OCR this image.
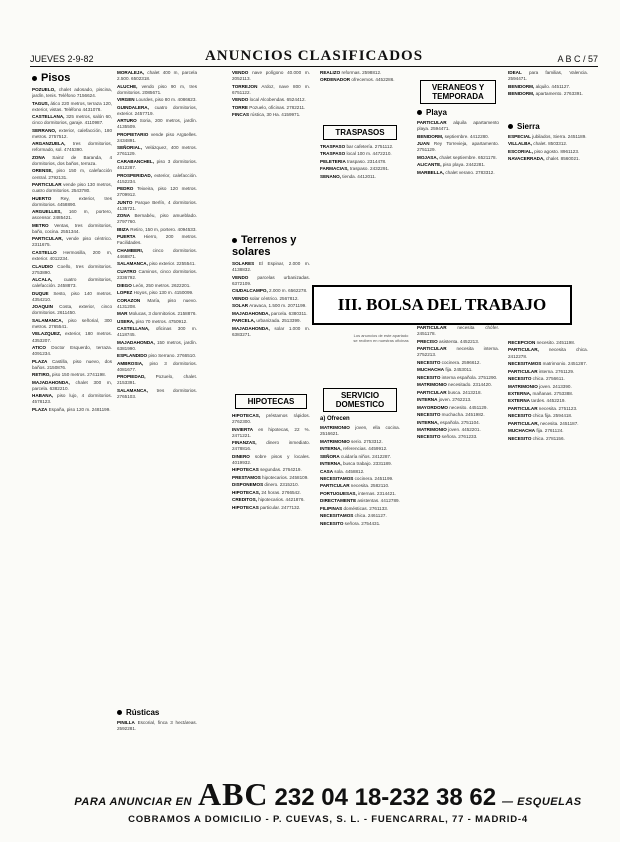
JUEVES 2-9-82	ANUNCIOS CLASIFICADOS	A B C / 57
Pisos

POZUELO, chalet adosado, piscina, jardín, tenis. Teléfono 7156624.

TAGUS, ático 220 metros, terraza 120, exterior, vistas. Teléfono 4431078.

CASTELLANA, 325 metros, salón 60, cinco dormitorios, garaje. 4110987.

SERRANO, exterior, calefacción, 180 metros. 2757512.

ARGANZUELA, tres dormitorios, reformado, sol. 4745390.

ZONA Sainz de Baranda, 4 dormitorios, dos baños, terraza.

ORENSE, piso 150 m, calefacción central. 2792131.

PARTICULAR vende piso 130 metros, cuatro dormitorios. 2543780.

HUERTO Rey, exterior, tres dormitorios. 4458890.

ARGUELLES, 160 m, portero, ascensor. 2485421.

METRO Ventas, tres dormitorios, baño, cocina. 2551344.

PARTICULAR, vende piso céntrico. 2311675.

CASTELLO Hermosilla, 200 m, exterior. 4012234.

CLAUDIO Coello, tres dormitorios. 2753890.

ALCALA, cuatro dormitorios, calefacción. 2458873.

DUQUE Sesto, piso 140 metros. 4354210.

JOAQUIN Costa, exterior, cinco dormitorios. 2611450.

SALAMANCA, piso señorial, 300 metros. 2765541.

VELAZQUEZ, exterior, 180 metros. 4353207.

ATICO Doctor Esquerdo, terraza. 4091234.

PLAZA Castilla, piso nuevo, dos baños. 2150876.

RETIRO, piso 150 metros. 2741198.

MAJADAHONDA, chalet 300 m, parcela. 6382210.

HABANA, piso lujo, 4 dormitorios. 4578123.

PLAZA España, piso 120 m. 2481199.

MORALEJA, chalet 400 m, parcela 2.500. 6502318.

ALUCHE, vendo piso 90 m, tres dormitorios. 2085671.

VIRGEN Lourdes, piso 80 m. 4086623.

GUINDALERA, cuatro dormitorios, exterior. 2457719.

ARTURO Soria, 200 metros, jardín. 4135509.

PROPIETARIO vende piso Argüelles. 2434891.

SEÑORIAL, Velázquez, 400 metros. 2761129.

CARABANCHEL, piso 3 dormitorios. 4612287.

PROSPERIDAD, exterior, calefacción. 4152234.

PEDRO Teixeira, piso 120 metros. 2709912.

JUNTO Parque Berlín, 4 dormitorios. 4135721.

ZONA Bernabéu, piso amueblado. 2797760.

IBIZA Retiro, 150 m, portero. 4094533.

PUERTA Hierro, 200 metros. Facilidades.

CHAMBERI, cinco dormitorios. 4468871.

SALAMANCA, piso exterior. 2255541.

CUATRO Caminos, cinco dormitorios. 2336792.

DIEGO León, 250 metros. 2622201.

LOPEZ Hoyos, piso 130 m. 4150099.

CORAZON María, piso nuevo. 4131208.

MAR Molucas, 3 dormitorios. 2158876.

USERA, piso 70 metros. 4750912.

CASTELLANA, oficinas 300 m. 4118745.

MAJADAHONDA, 150 metros, jardín. 6381990.

ESPLANDIDO piso Serrano. 2766510.

AMBROSIA, piso 3 dormitorios. 4081677.

PROPIEDAD, Pozuelo, chalet. 2153391.

SALAMANCA, tres dormitorios. 2765103.

Rústicas

PINILLA Escorial, finca 3 hectáreas. 2592281.

VENDO nave polígono 40.000 m. 2052113.

TORREJON Ardoz, nave 800 m. 6751122.

VENDO local Alcobendas. 6524412.

TORRE Pozuelo, oficinas. 2782211.

FINCAS rústica, 30 Ha. 4159971.

Terrenos y solares

SOLARES El Espinar, 2.000 m. 4138832.

VENDO parcelas urbanizadas. 6372109.

CIUDALCAMPO, 2.000 m. 6562278.

VENDO solar céntrico. 2567812.

SOLAR Aravaca, 1.500 m. 2071199.

MAJADAHONDA, parcela. 6380311.

PARCELA, urbanizada. 2513399.

MAJADAHONDA, solar 1.000 m. 6383271.

HIPOTECAS

HIPOTECAS, préstamos rápidos. 2762300.

INVIERTA en hipotecas, 22 %. 2471221.

FINANZAS, dinero inmediato. 2478816.

DINERO sobre pisos y locales. 4019932.

HIPOTECAS segundas. 2764219.

PRESTAMOS hipotecarios. 2458109.

DISPONEMOS dinero. 2315210.

HIPOTECAS, 24 horas. 2766542.

CREDITOS, hipotecarios. 4421876.

HIPOTECAS particular. 2477132.

REALIZO reformas. 2598812.

ORDENADOR ofrecemos. 4452286.

TRASPASOS

TRASPASO bar cafetería. 2751112.

TRASPASO local 100 m. 4472210.

PELETERIA traspaso. 2314478.

FARMACIAS, traspaso. 2432291.

SENANO, tienda. 4412011.

SERVICIO DOMESTICO
a) Ofrecen

MATRIMONIO joven, ella cocina. 2516621.

MATRIMONIO serio. 2753312.

INTERNA, referencias. 4459912.

SEÑORA cuidaría niños. 2412287.

INTERNA, busca trabajo. 2331189.

CASA sola. 4458812.

NECESITAMOS cocinera. 2451199.

PARTICULAR necesita. 2582110.

PORTUGUESAS, internas. 2314421.

DIRECTAMENTE asistentas. 4412789.

FILIPINAS domésticas. 2761133.

NECESITAMOS chica. 2461127.

NECESITO señora. 2754431.

VERANEOS Y TEMPORADA
Playa

PARTICULAR alquila apartamento playa. 2594471.

BENIDORM, septiembre. 4412280.

JUAN Rey Torrevieja, apartamento. 2751129.

MOJASA, chalet septiembre. 6521178.

ALICANTE, piso playa. 2442281.

MARBELLA, chalet verano. 2783312.

PARTICULAR necesita chófer. 2451178.

PRECISO asistenta. 4452213.

PARTICULAR necesita interna. 2752213.

NECESITO cocinera. 2596612.

MUCHACHA fija. 2453011.

NECESITO interna española. 2751290.

MATRIMONIO necesitado. 2314420.

PARTICULAR busca. 2413218.

INTERNA joven. 2762213.

MAYORDOMO necesito. 4451129.

NECESITO muchacha. 2451982.

INTERNA, española. 2751104.

MATRIMONIO joven. 4452201.

NECESITO señora. 2761233.

IDEAL para familias, Valencia. 2594471.

BENIDORM, alquilo. 4451127.

BENIDORM, apartamento. 2763391.

Sierra

ESPECIAL jubilados, Sierra. 2451189.

VILLALBA, chalet. 8503312.

ESCORIAL, piso agosto. 8961123.

NAVACERRADA, chalet. 8560021.

RECEPCION necesito. 2451198.

PARTICULAR, necesita chica. 2412278.

NECESITAMOS matrimonio. 2451287.

PARTICULAR interna. 2761129.

NECESITO chica. 2756611.

MATRIMONIO joven. 2413390.

EXTERNA, mañanas. 2753388.

EXTERNA tardes. 4452219.

PARTICULAR necesita. 2751123.

NECESITO chica fija. 2594418.

PARTICULAR, necesita. 2451187.

MUCHACHA fija. 2761124.

NECESITO chica. 2781156.

III. BOLSA DEL TRABAJO
Los anuncios de este apartado se reciben en nuestras oficinas
PARA ANUNCIAR EN ABC 232 04 18-232 38 62 — ESQUELAS
COBRAMOS A DOMICILIO - P. CUEVAS, S. L. - FUENCARRAL, 77 - MADRID-4
